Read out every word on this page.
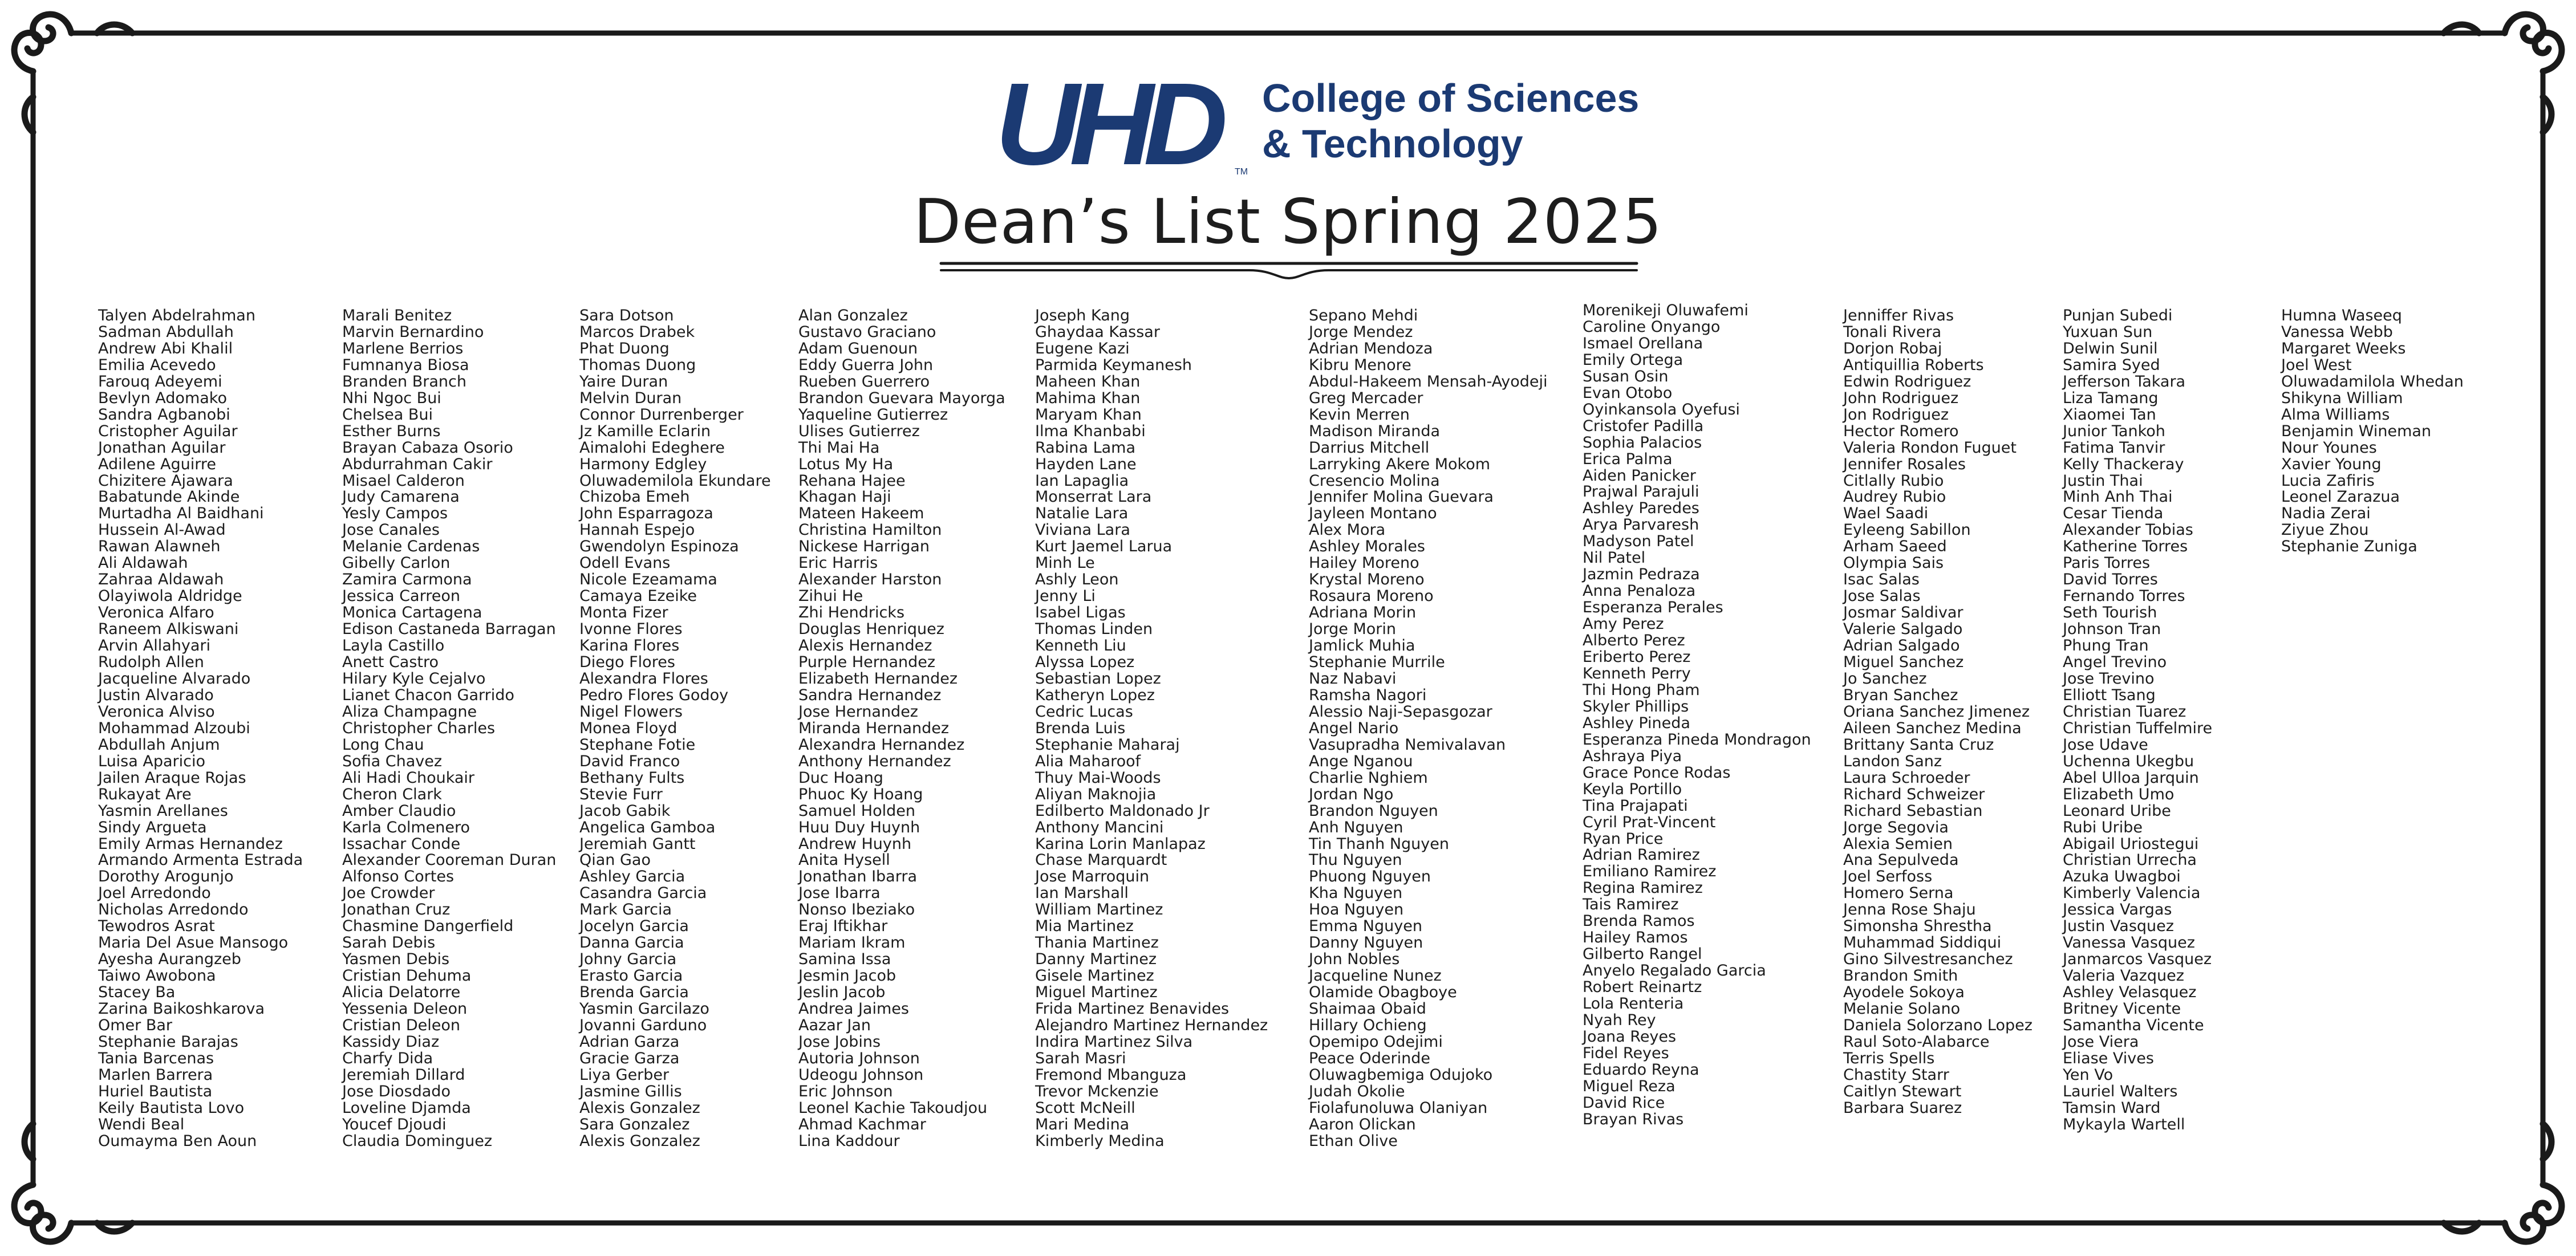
UHD	TM
College of Sciences
& Technology
Dean’s List Spring 2025
Talyen Abdelrahman
Sadman Abdullah
Andrew Abi Khalil
Emilia Acevedo
Farouq Adeyemi
Bevlyn Adomako
Sandra Agbanobi
Cristopher Aguilar
Jonathan Aguilar
Adilene Aguirre
Chizitere Ajawara
Babatunde Akinde
Murtadha Al Baidhani
Hussein Al-Awad
Rawan Alawneh
Ali Aldawah
Zahraa Aldawah
Olayiwola Aldridge
Veronica Alfaro
Raneem Alkiswani
Arvin Allahyari
Rudolph Allen
Jacqueline Alvarado
Justin Alvarado
Veronica Alviso
Mohammad Alzoubi
Abdullah Anjum
Luisa Aparicio
Jailen Araque Rojas
Rukayat Are
Yasmin Arellanes
Sindy Argueta
Emily Armas Hernandez
Armando Armenta Estrada
Dorothy Arogunjo
Joel Arredondo
Nicholas Arredondo
Tewodros Asrat
Maria Del Asue Mansogo
Ayesha Aurangzeb
Taiwo Awobona
Stacey Ba
Zarina Baikoshkarova
Omer Bar
Stephanie Barajas
Tania Barcenas
Marlen Barrera
Huriel Bautista
Keily Bautista Lovo
Wendi Beal
Oumayma Ben Aoun
Marali Benitez
Marvin Bernardino
Marlene Berrios
Fumnanya Biosa
Branden Branch
Nhi Ngoc Bui
Chelsea Bui
Esther Burns
Brayan Cabaza Osorio
Abdurrahman Cakir
Misael Calderon
Judy Camarena
Yesly Campos
Jose Canales
Melanie Cardenas
Gibelly Carlon
Zamira Carmona
Jessica Carreon
Monica Cartagena
Edison Castaneda Barragan
Layla Castillo
Anett Castro
Hilary Kyle Cejalvo
Lianet Chacon Garrido
Aliza Champagne
Christopher Charles
Long Chau
Sofia Chavez
Ali Hadi Choukair
Cheron Clark
Amber Claudio
Karla Colmenero
Issachar Conde
Alexander Cooreman Duran
Alfonso Cortes
Joe Crowder
Jonathan Cruz
Chasmine Dangerfield
Sarah Debis
Yasmen Debis
Cristian Dehuma
Alicia Delatorre
Yessenia Deleon
Cristian Deleon
Kassidy Diaz
Charfy Dida
Jeremiah Dillard
Jose Diosdado
Loveline Djamda
Youcef Djoudi
Claudia Dominguez
Sara Dotson
Marcos Drabek
Phat Duong
Thomas Duong
Yaire Duran
Melvin Duran
Connor Durrenberger
Jz Kamille Eclarin
Aimalohi Edeghere
Harmony Edgley
Oluwademilola Ekundare
Chizoba Emeh
John Esparragoza
Hannah Espejo
Gwendolyn Espinoza
Odell Evans
Nicole Ezeamama
Camaya Ezeike
Monta Fizer
Ivonne Flores
Karina Flores
Diego Flores
Alexandra Flores
Pedro Flores Godoy
Nigel Flowers
Monea Floyd
Stephane Fotie
David Franco
Bethany Fults
Stevie Furr
Jacob Gabik
Angelica Gamboa
Jeremiah Gantt
Qian Gao
Ashley Garcia
Casandra Garcia
Mark Garcia
Jocelyn Garcia
Danna Garcia
Johny Garcia
Erasto Garcia
Brenda Garcia
Yasmin Garcilazo
Jovanni Garduno
Adrian Garza
Gracie Garza
Liya Gerber
Jasmine Gillis
Alexis Gonzalez
Sara Gonzalez
Alexis Gonzalez
Alan Gonzalez
Gustavo Graciano
Adam Guenoun
Eddy Guerra John
Rueben Guerrero
Brandon Guevara Mayorga
Yaqueline Gutierrez
Ulises Gutierrez
Thi Mai Ha
Lotus My Ha
Rehana Hajee
Khagan Haji
Mateen Hakeem
Christina Hamilton
Nickese Harrigan
Eric Harris
Alexander Harston
Zihui He
Zhi Hendricks
Douglas Henriquez
Alexis Hernandez
Purple Hernandez
Elizabeth Hernandez
Sandra Hernandez
Jose Hernandez
Miranda Hernandez
Alexandra Hernandez
Anthony Hernandez
Duc Hoang
Phuoc Ky Hoang
Samuel Holden
Huu Duy Huynh
Andrew Huynh
Anita Hysell
Jonathan Ibarra
Jose Ibarra
Nonso Ibeziako
Eraj Iftikhar
Mariam Ikram
Samina Issa
Jesmin Jacob
Jeslin Jacob
Andrea Jaimes
Aazar Jan
Jose Jobins
Autoria Johnson
Udeogu Johnson
Eric Johnson
Leonel Kachie Takoudjou
Ahmad Kachmar
Lina Kaddour
Joseph Kang
Ghaydaa Kassar
Eugene Kazi
Parmida Keymanesh
Maheen Khan
Mahima Khan
Maryam Khan
Ilma Khanbabi
Rabina Lama
Hayden Lane
Ian Lapaglia
Monserrat Lara
Natalie Lara
Viviana Lara
Kurt Jaemel Larua
Minh Le
Ashly Leon
Jenny Li
Isabel Ligas
Thomas Linden
Kenneth Liu
Alyssa Lopez
Sebastian Lopez
Katheryn Lopez
Cedric Lucas
Brenda Luis
Stephanie Maharaj
Alia Maharoof
Thuy Mai-Woods
Aliyan Maknojia
Edilberto Maldonado Jr
Anthony Mancini
Karina Lorin Manlapaz
Chase Marquardt
Jose Marroquin
Ian Marshall
William Martinez
Mia Martinez
Thania Martinez
Danny Martinez
Gisele Martinez
Miguel Martinez
Frida Martinez Benavides
Alejandro Martinez Hernandez
Indira Martinez Silva
Sarah Masri
Fremond Mbanguza
Trevor Mckenzie
Scott McNeill
Mari Medina
Kimberly Medina
Sepano Mehdi
Jorge Mendez
Adrian Mendoza
Kibru Menore
Abdul-Hakeem Mensah-Ayodeji
Greg Mercader
Kevin Merren
Madison Miranda
Darrius Mitchell
Larryking Akere Mokom
Cresencio Molina
Jennifer Molina Guevara
Jayleen Montano
Alex Mora
Ashley Morales
Hailey Moreno
Krystal Moreno
Rosaura Moreno
Adriana Morin
Jorge Morin
Jamlick Muhia
Stephanie Murrile
Naz Nabavi
Ramsha Nagori
Alessio Naji-Sepasgozar
Angel Nario
Vasupradha Nemivalavan
Ange Nganou
Charlie Nghiem
Jordan Ngo
Brandon Nguyen
Anh Nguyen
Tin Thanh Nguyen
Thu Nguyen
Phuong Nguyen
Kha Nguyen
Hoa Nguyen
Emma Nguyen
Danny Nguyen
John Nobles
Jacqueline Nunez
Olamide Obagboye
Shaimaa Obaid
Hillary Ochieng
Opemipo Odejimi
Peace Oderinde
Oluwagbemiga Odujoko
Judah Okolie
Fiolafunoluwa Olaniyan
Aaron Olickan
Ethan Olive
Morenikeji Oluwafemi
Caroline Onyango
Ismael Orellana
Emily Ortega
Susan Osin
Evan Otobo
Oyinkansola Oyefusi
Cristofer Padilla
Sophia Palacios
Erica Palma
Aiden Panicker
Prajwal Parajuli
Ashley Paredes
Arya Parvaresh
Madyson Patel
Nil Patel
Jazmin Pedraza
Anna Penaloza
Esperanza Perales
Amy Perez
Alberto Perez
Eriberto Perez
Kenneth Perry
Thi Hong Pham
Skyler Phillips
Ashley Pineda
Esperanza Pineda Mondragon
Ashraya Piya
Grace Ponce Rodas
Keyla Portillo
Tina Prajapati
Cyril Prat-Vincent
Ryan Price
Adrian Ramirez
Emiliano Ramirez
Regina Ramirez
Tais Ramirez
Brenda Ramos
Hailey Ramos
Gilberto Rangel
Anyelo Regalado Garcia
Robert Reinartz
Lola Renteria
Nyah Rey
Joana Reyes
Fidel Reyes
Eduardo Reyna
Miguel Reza
David Rice
Brayan Rivas
Jenniffer Rivas
Tonali Rivera
Dorjon Robaj
Antiquillia Roberts
Edwin Rodriguez
John Rodriguez
Jon Rodriguez
Hector Romero
Valeria Rondon Fuguet
Jennifer Rosales
Citlally Rubio
Audrey Rubio
Wael Saadi
Eyleeng Sabillon
Arham Saeed
Olympia Sais
Isac Salas
Jose Salas
Josmar Saldivar
Valerie Salgado
Adrian Salgado
Miguel Sanchez
Jo Sanchez
Bryan Sanchez
Oriana Sanchez Jimenez
Aileen Sanchez Medina
Brittany Santa Cruz
Landon Sanz
Laura Schroeder
Richard Schweizer
Richard Sebastian
Jorge Segovia
Alexia Semien
Ana Sepulveda
Joel Serfoss
Homero Serna
Jenna Rose Shaju
Simonsha Shrestha
Muhammad Siddiqui
Gino Silvestresanchez
Brandon Smith
Ayodele Sokoya
Melanie Solano
Daniela Solorzano Lopez
Raul Soto-Alabarce
Terris Spells
Chastity Starr
Caitlyn Stewart
Barbara Suarez
Punjan Subedi
Yuxuan Sun
Delwin Sunil
Samira Syed
Jefferson Takara
Liza Tamang
Xiaomei Tan
Junior Tankoh
Fatima Tanvir
Kelly Thackeray
Justin Thai
Minh Anh Thai
Cesar Tienda
Alexander Tobias
Katherine Torres
Paris Torres
David Torres
Fernando Torres
Seth Tourish
Johnson Tran
Phung Tran
Angel Trevino
Jose Trevino
Elliott Tsang
Christian Tuarez
Christian Tuffelmire
Jose Udave
Uchenna Ukegbu
Abel Ulloa Jarquin
Elizabeth Umo
Leonard Uribe
Rubi Uribe
Abigail Uriostegui
Christian Urrecha
Azuka Uwagboi
Kimberly Valencia
Jessica Vargas
Justin Vasquez
Vanessa Vasquez
Janmarcos Vasquez
Valeria Vazquez
Ashley Velasquez
Britney Vicente
Samantha Vicente
Jose Viera
Eliase Vives
Yen Vo
Lauriel Walters
Tamsin Ward
Mykayla Wartell
Humna Waseeq
Vanessa Webb
Margaret Weeks
Joel West
Oluwadamilola Whedan
Shikyna William
Alma Williams
Benjamin Wineman
Nour Younes
Xavier Young
Lucia Zafiris
Leonel Zarazua
Nadia Zerai
Ziyue Zhou
Stephanie Zuniga
